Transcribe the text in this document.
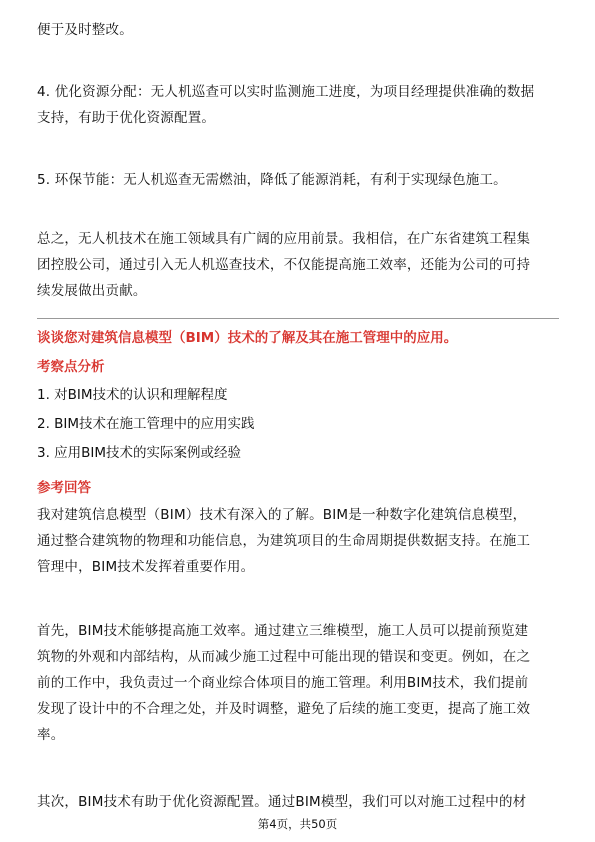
便于及时整改。

4. 优化资源分配：无人机巡查可以实时监测施工进度，为项目经理提供准确的数据
支持，有助于优化资源配置。

5. 环保节能：无人机巡查无需燃油，降低了能源消耗，有利于实现绿色施工。

总之，无人机技术在施工领域具有广阔的应用前景。我相信，在广东省建筑工程集
团控股公司，通过引入无人机巡查技术，不仅能提高施工效率，还能为公司的可持
续发展做出贡献。

谈谈您对建筑信息模型（BIM）技术的了解及其在施工管理中的应用。
考察点分析
1. 对BIM技术的认识和理解程度
2. BIM技术在施工管理中的应用实践
3. 应用BIM技术的实际案例或经验
参考回答

我对建筑信息模型（BIM）技术有深入的了解。BIM是一种数字化建筑信息模型，
通过整合建筑物的物理和功能信息，为建筑项目的生命周期提供数据支持。在施工
管理中，BIM技术发挥着重要作用。

首先，BIM技术能够提高施工效率。通过建立三维模型，施工人员可以提前预览建
筑物的外观和内部结构，从而减少施工过程中可能出现的错误和变更。例如，在之
前的工作中，我负责过一个商业综合体项目的施工管理。利用BIM技术，我们提前
发现了设计中的不合理之处，并及时调整，避免了后续的施工变更，提高了施工效
率。

其次，BIM技术有助于优化资源配置。通过BIM模型，我们可以对施工过程中的材

第4页，共50页
